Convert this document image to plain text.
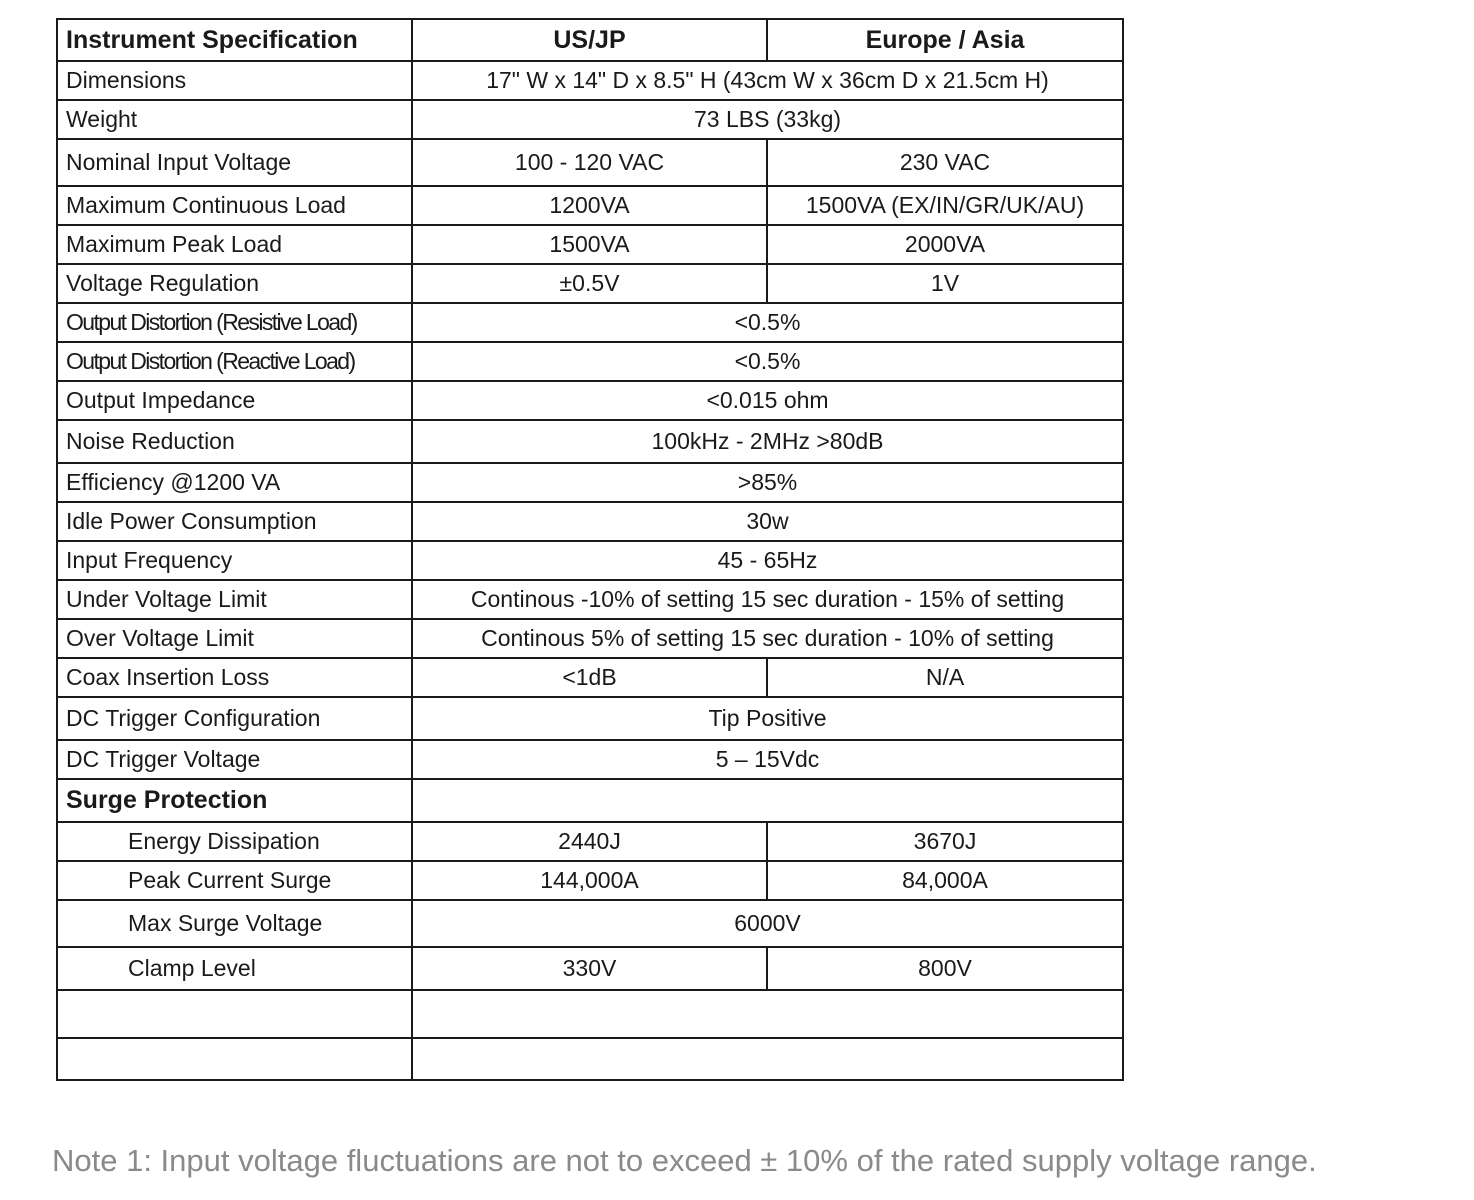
Instrument Specification	US/JP	Europe / Asia
Dimensions	17" W x 14" D x 8.5" H (43cm W x 36cm D x 21.5cm H)	
Weight	73 LBS (33kg)	
Nominal Input Voltage	100 - 120 VAC	230 VAC
Maximum Continuous Load	1200VA	1500VA (EX/IN/GR/UK/AU)
Maximum Peak Load	1500VA	2000VA
Voltage Regulation	±0.5V	1V
Output Distortion (Resistive Load)	<0.5%	
Output Distortion (Reactive Load)	<0.5%	
Output Impedance	<0.015 ohm	
Noise Reduction	100kHz - 2MHz >80dB	
Efficiency @1200 VA	>85%	
Idle Power Consumption	30w	
Input Frequency	45 - 65Hz	
Under Voltage Limit	Continous -10% of setting 15 sec duration - 15% of setting	
Over Voltage Limit	Continous 5% of setting 15 sec duration - 10% of setting	
Coax Insertion Loss	<1dB	N/A
DC Trigger Configuration	Tip Positive	
DC Trigger Voltage	5 – 15Vdc	
Surge Protection		
Energy Dissipation	2440J	3670J
Peak Current Surge	144,000A	84,000A
Max Surge Voltage	6000V	
Clamp Level	330V	800V

Note 1: Input voltage fluctuations are not to exceed ± 10% of the rated supply voltage range.
